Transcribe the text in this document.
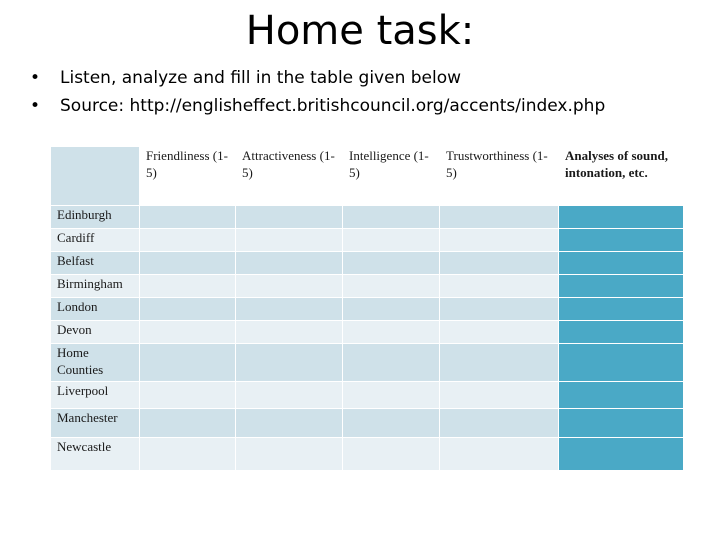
Home task:
• Listen, analyze and fill in the table given below
• Source: http://englisheffect.britishcouncil.org/accents/index.php
	Friendliness (1-5)	Attractiveness (1-5)	Intelligence (1-5)	Trustworthiness (1-5)	Analyses of sound, intonation, etc.
Edinburgh					
Cardiff					
Belfast					
Birmingham					
London					
Devon					
Home Counties					
Liverpool					
Manchester					
Newcastle					
